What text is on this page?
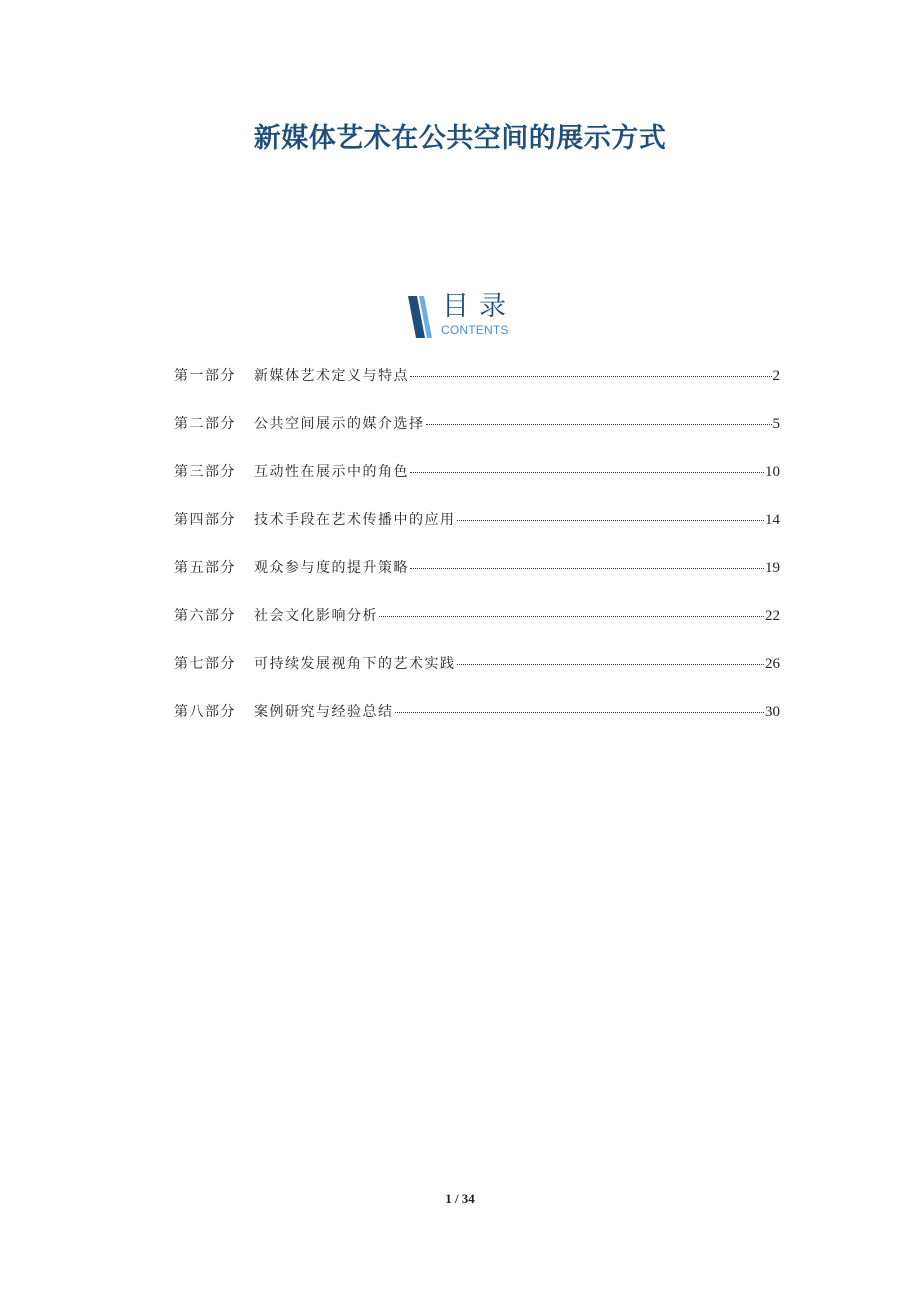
新媒体艺术在公共空间的展示方式
目录
CONTENTS
第一部分	新媒体艺术定义与特点	2
第二部分	公共空间展示的媒介选择	5
第三部分	互动性在展示中的角色	10
第四部分	技术手段在艺术传播中的应用	14
第五部分	观众参与度的提升策略	19
第六部分	社会文化影响分析	22
第七部分	可持续发展视角下的艺术实践	26
第八部分	案例研究与经验总结	30
1 / 34
